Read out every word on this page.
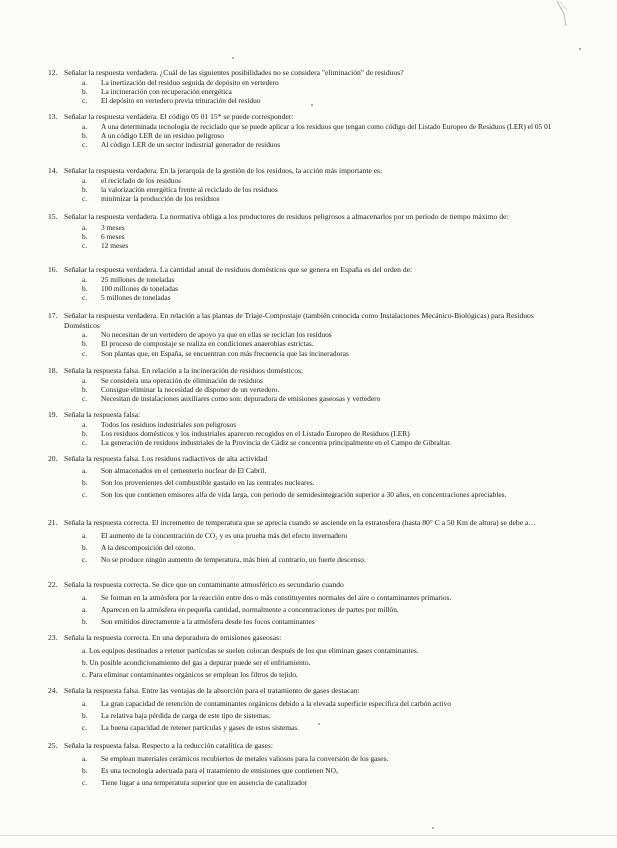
12. Señalar la respuesta verdadera. ¿Cuál de las siguientes posibilidades no se considera "eliminación" de residuos?
a. La inertización del residuo seguida de depósito en vertedero
b. La incineración con recuperación energética
c. El depósito en vertedero previa trituración del residuo
13. Señalar la respuesta verdadera. El código 05 01 15* se puede corresponder:
a. A una determinada tecnología de reciclado que se puede aplicar a los residuos que tengan como código del Listado Europeo de Residuos (LER) el 05 01
b. A un código LER de un residuo peligroso
c. Al código LER de un sector industrial generador de residuos
14. Señalar la respuesta verdadera. En la jerarquía de la gestión de los residuos, la acción más importante es:
a. el reciclado de los residuos
b. la valorización energética frente al reciclado de los residuos
c. minimizar la producción de los residuos
15. Señalar la respuesta verdadera. La normativa obliga a los productores de residuos peligrosos a almacenarlos por un periodo de tiempo máximo de:
a. 3 meses
b. 6 meses
c. 12 meses
16. Señalar la respuesta verdadera. La cantidad anual de residuos domésticos que se genera en España es del orden de:
a. 25 millones de toneladas
b. 100 millones de toneladas
c. 5 millones de toneladas
17. Señalar la respuesta verdadera. En relación a las plantas de Triaje-Compostaje (también conocida como Instalaciones Mecánico-Biológicas) para Residuos Domésticos
a. No necesitan de un vertedero de apoyo ya que en ellas se reciclan los residuos
b. El proceso de compostaje se realiza en condiciones anaerobias estrictas.
c. Son plantas que, en España, se encuentran con más frecuencia que las incineradoras
18. Señala la respuesta falsa. En relación a la incineración de residuos domésticos:
a. Se considera una operación de eliminación de residuos
b. Consigue eliminar la necesidad de disponer de un vertedero.
c. Necesitan de instalaciones auxiliares como son: depuradora de emisiones gaseosas y vertedero
19. Señala la respuesta falsa:
a. Todos los residuos industriales son peligrosos
b. Los residuos domésticos y los industriales aparecen recogidos en el Listado Europeo de Residuos (LER)
c. La generación de residuos industriales de la Provincia de Cádiz se concentra principalmente en el Campo de Gibraltar.
20. Señala la respuesta falsa. Los residuos radiactivos de alta actividad
a. Son almacenados en el cementerio nuclear de El Cabril.
b. Son los provenientes del combustible gastado en las centrales nucleares.
c. Son los que contienen emisores alfa de vida larga, con periodo de semidesintegración superior a 30 años, en concentraciones apreciables.
21. Señala la respuesta correcta. El incremento de temperatura que se aprecia cuando se asciende en la estratosfera (hasta 80° C a 50 Km de altura) se debe a…
a. El aumento de la concentración de CO₂ y es una prueba más del efecto invernadero
b. A la descomposición del ozono.
c. No se produce ningún aumento de temperatura, más bien al contrario, un fuerte descenso.
22. Señala la respuesta correcta. Se dice que un contaminante atmosférico es secundario cuando
a. Se forman en la atmósfera por la reacción entre dos o más constituyentes normales del aire o contaminantes primarios.
a. Aparecen en la atmósfera en pequeña cantidad, normalmente a concentraciones de partes por millón.
b. Son emitidos directamente a la atmósfera desde los focos contaminantes
23. Señala la respuesta correcta. En una depuradora de emisiones gaseosas:
a. Los equipos destinados a retener partículas se suelen colocan después de los que eliminan gases contaminantes.
b. Un posible acondicionamiento del gas a depurar puede ser el enfriamiento.
c. Para eliminar contaminantes orgánicos se emplean los filtros de tejido.
24. Señala la respuesta falsa. Entre las ventajas de la absorción para el tratamiento de gases destacan:
a. La gran capacidad de retención de contaminantes orgánicos debido a la elevada superficie específica del carbón activo
b. La relativa baja pérdida de carga de este tipo de sistemas.
c. La buena capacidad de retener partículas y gases de estos sistemas.
25. Señala la respuesta falsa. Respecto a la reducción catalítica de gases:
a. Se emplean materiales cerámicos recubiertos de metales valiosos para la conversión de los gases.
b. Es una tecnología adecuada para el tratamiento de emisiones que contienen NOₓ
c. Tiene lugar a una temperatura superior que en ausencia de catalizador
